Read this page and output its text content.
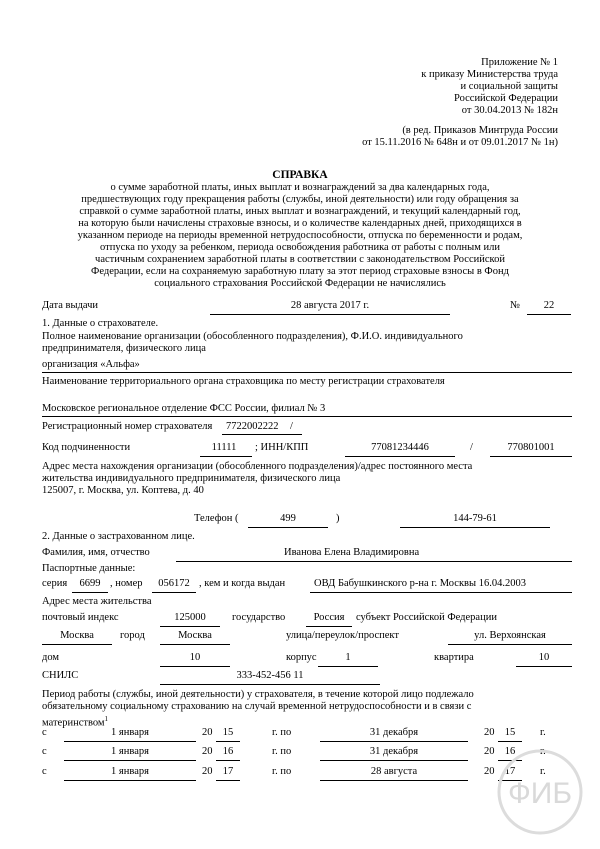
Приложение № 1
к приказу Министерства труда
и социальной защиты
Российской Федерации
от 30.04.2013 № 182н
(в ред. Приказов Минтруда России
от 15.11.2016 № 648н и от 09.01.2017 № 1н)
СПРАВКА
о сумме заработной платы, иных выплат и вознаграждений за два календарных года,
предшествующих году прекращения работы (службы, иной деятельности) или году обращения за
справкой о сумме заработной платы, иных выплат и вознаграждений, и текущий календарный год,
на которую были начислены страховые взносы, и о количестве календарных дней, приходящихся в
указанном периоде на периоды временной нетрудоспособности, отпуска по беременности и родам,
отпуска по уходу за ребенком, периода освобождения работника от работы с полным или
частичным сохранением заработной платы в соответствии с законодательством Российской
Федерации, если на сохраняемую заработную плату за этот период страховые взносы в Фонд
социального страхования Российской Федерации не начислялись
Дата выдачи	28 августа 2017 г.	№	22
1. Данные о страхователе.
Полное наименование организации (обособленного подразделения), Ф.И.О. индивидуального
предпринимателя, физического лица
организация «Альфа»
Наименование территориального органа страховщика по месту регистрации страхователя
Московское региональное отделение ФСС России, филиал № 3
Регистрационный номер страхователя 7722002222 /
Код подчиненности	11111	; ИНН/КПП	77081234446	/	770801001
Адрес места нахождения организации (обособленного подразделения)/адрес постоянного места
жительства индивидуального предпринимателя, физического лица
125007, г. Москва, ул. Коптева, д. 40
Телефон (	499	)	144-79-61
2. Данные о застрахованном лице.
Фамилия, имя, отчество	Иванова Елена Владимировна
Паспортные данные:
серия	6699 , номер	056172 , кем и когда выдан	ОВД Бабушкинского р-на г. Москвы 16.04.2003
Адрес места жительства
почтовый индекс	125000	государство	Россия	субъект Российской Федерации
Москва	город	Москва	улица/переулок/проспект	ул. Верхоянская
дом	10	корпус	1	квартира	10
СНИЛС	333-452-456 11
Период работы (службы, иной деятельности) у страхователя, в течение которой лицо подлежало
обязательному социальному страхованию на случай временной нетрудоспособности и в связи с
материнством$^1$
с	1 января	20 15	г. по	31 декабря	20 15	г.
с	1 января	20 16	г. по	31 декабря	20 16	г.
с	1 января	20 17	г. по	28 августа	20 17	г.
ФИБ
